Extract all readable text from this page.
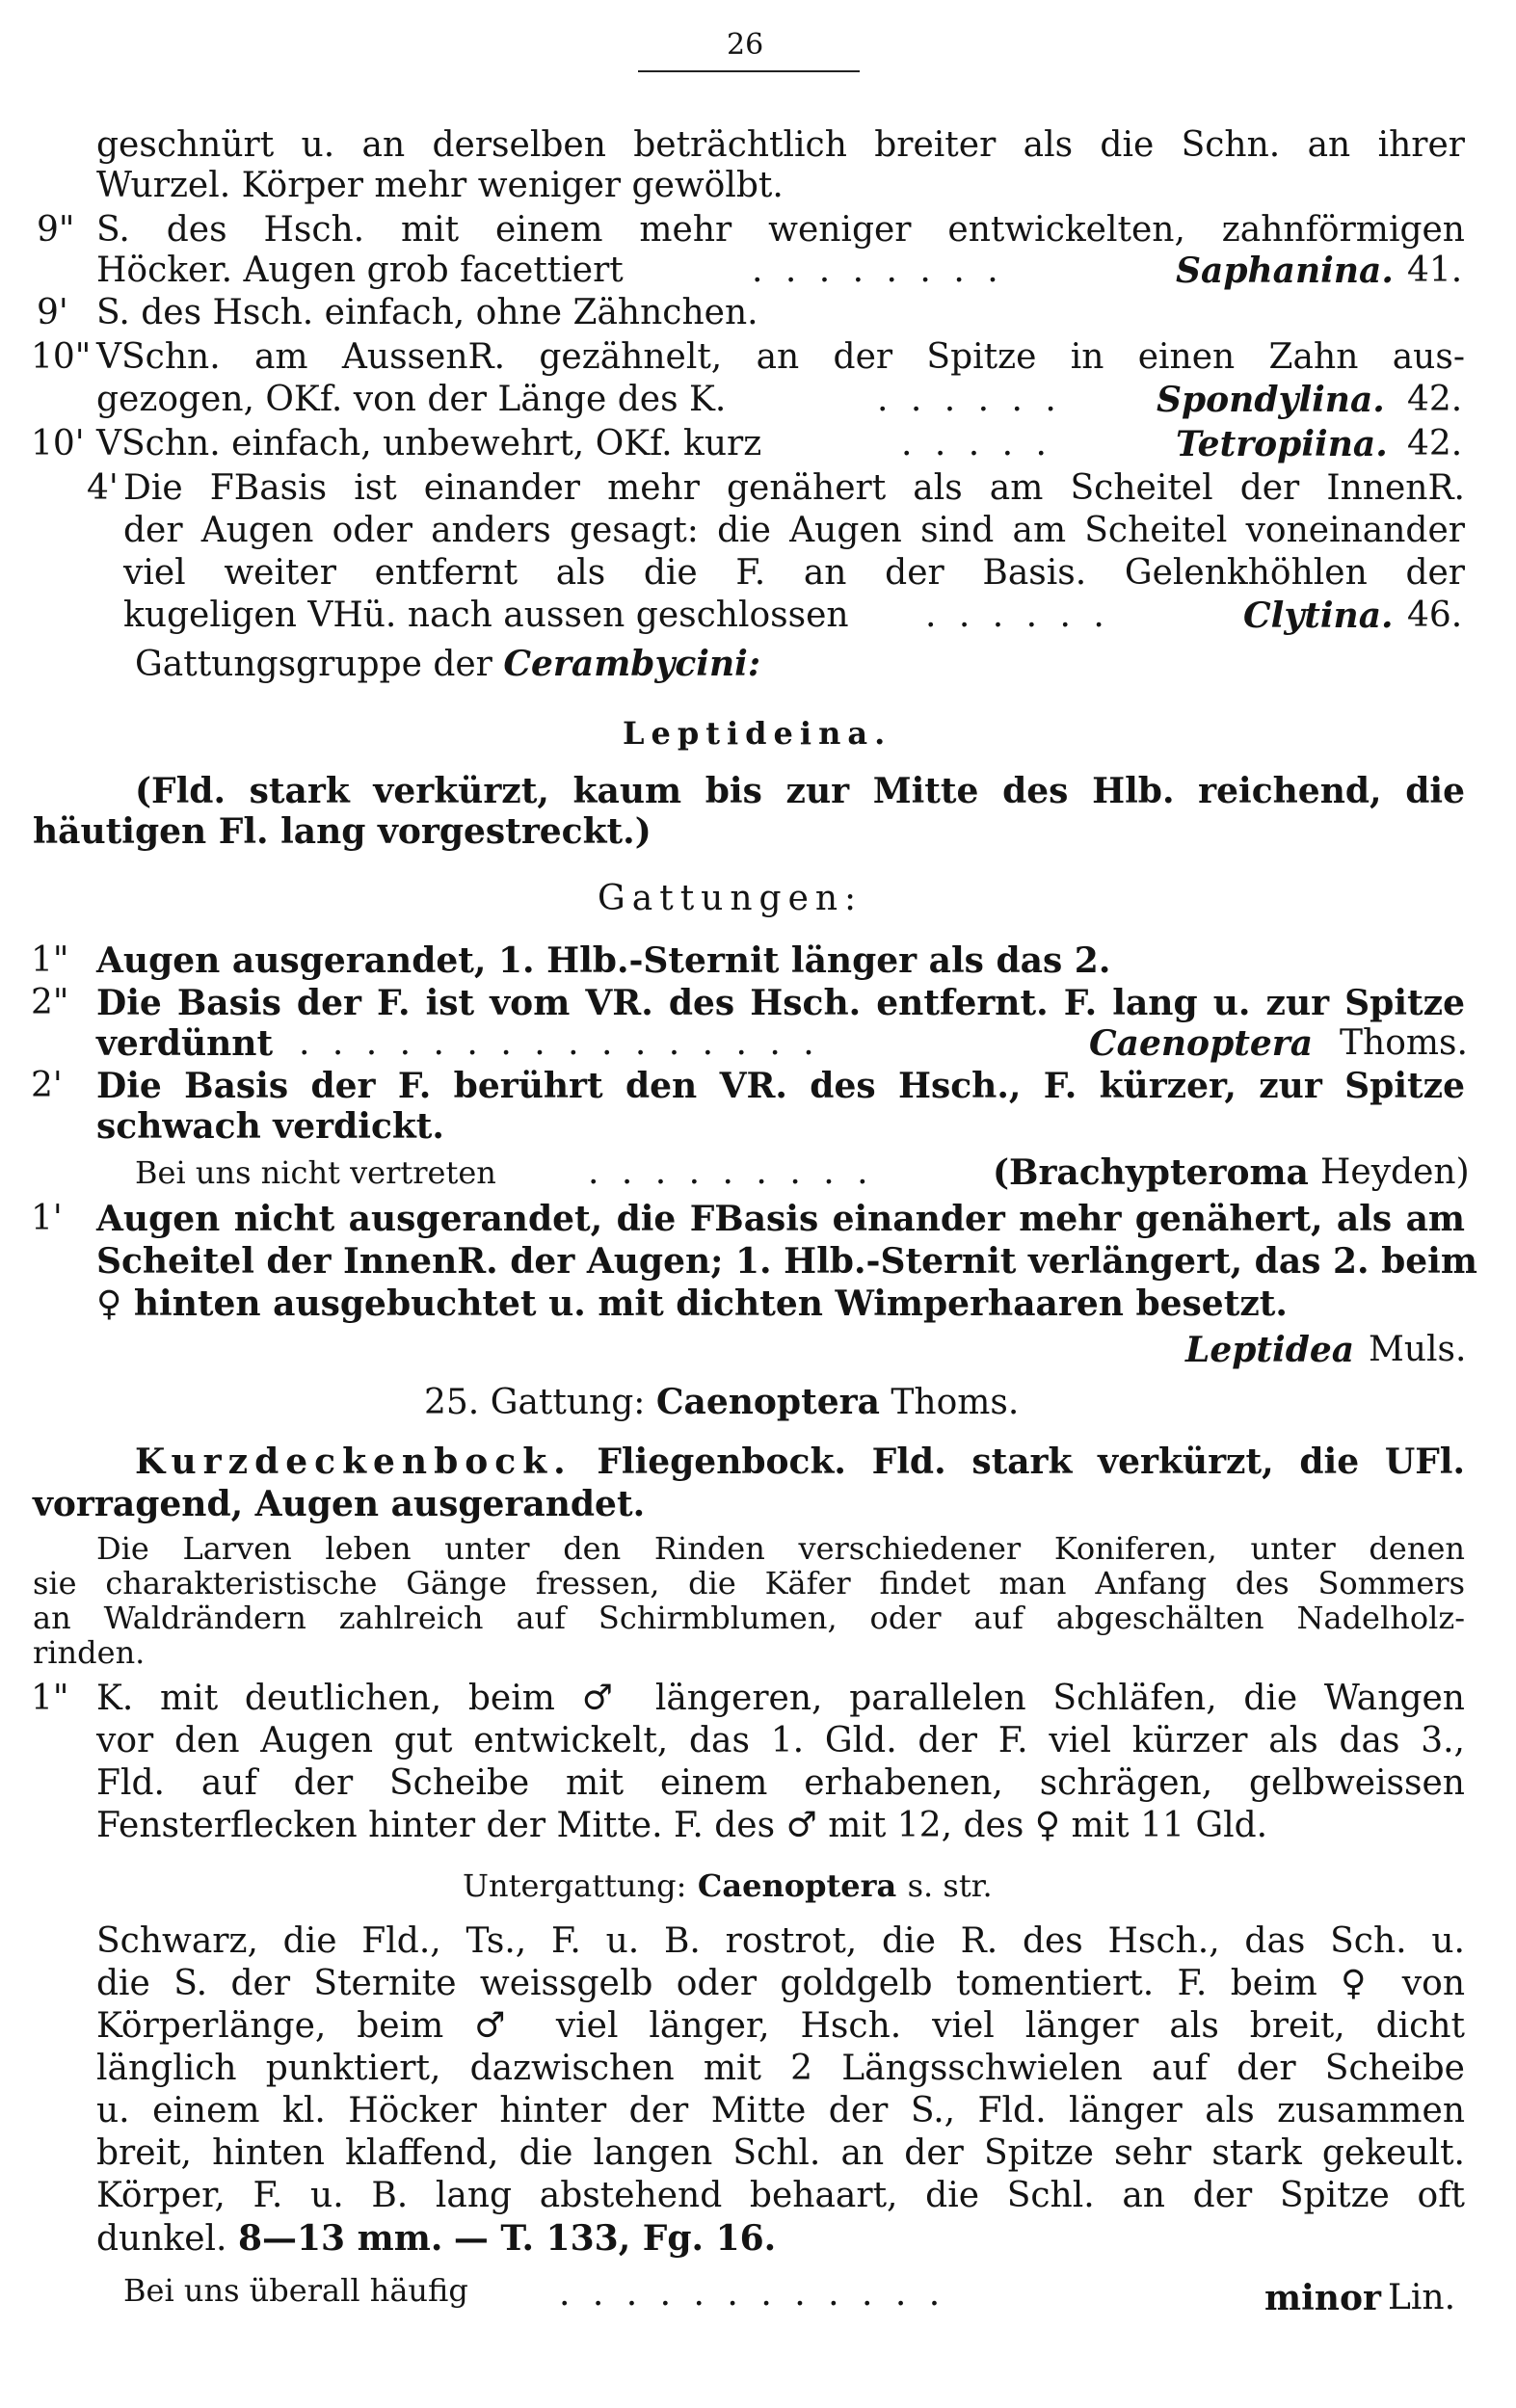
26
geschnürt u. an derselben beträchtlich breiter als die Schn. an ihrer
Wurzel. Körper mehr weniger gewölbt.
9" S. des Hsch. mit einem mehr weniger entwickelten, zahnförmigen
Höcker. Augen grob facettiert	. . . . . . . .	Saphanina. 41.
9' S. des Hsch. einfach, ohne Zähnchen.
10" VSchn. am AussenR. gezähnelt, an der Spitze in einen Zahn aus-
gezogen, OKf. von der Länge des K.	. . . . . .	Spondylina. 42.
10' VSchn. einfach, unbewehrt, OKf. kurz	. . . . .	Tetropiina. 42.
4' Die FBasis ist einander mehr genähert als am Scheitel der InnenR.
der Augen oder anders gesagt: die Augen sind am Scheitel voneinander
viel weiter entfernt als die F. an der Basis. Gelenkhöhlen der
kugeligen VHü. nach aussen geschlossen . . . . . .	Clytina. 46.
Gattungsgruppe der Cerambycini:
Leptideina.
(Fld. stark verkürzt, kaum bis zur Mitte des Hlb. reichend, die
häutigen Fl. lang vorgestreckt.)
Gattungen:
1" Augen ausgerandet, 1. Hlb.-Sternit länger als das 2.
2" Die Basis der F. ist vom VR. des Hsch. entfernt. F. lang u. zur Spitze
verdünnt . . . . . . . . . . . . . . . .	Caenoptera Thoms.
2' Die Basis der F. berührt den VR. des Hsch., F. kürzer, zur Spitze
schwach verdickt.
Bei uns nicht vertreten	. . . . . . . . .	(Brachypteroma Heyden)
1' Augen nicht ausgerandet, die FBasis einander mehr genähert, als am
Scheitel der InnenR. der Augen; 1. Hlb.-Sternit verlängert, das 2. beim
♀ hinten ausgebuchtet u. mit dichten Wimperhaaren besetzt.
Leptidea Muls.
25. Gattung: Caenoptera Thoms.
Kurzdeckenbock. Fliegenbock. Fld. stark verkürzt, die UFl.
vorragend, Augen ausgerandet.
Die Larven leben unter den Rinden verschiedener Koniferen, unter denen
sie charakteristische Gänge fressen, die Käfer findet man Anfang des Sommers
an Waldrändern zahlreich auf Schirmblumen, oder auf abgeschälten Nadelholz-
rinden.
1" K. mit deutlichen, beim ♂ längeren, parallelen Schläfen, die Wangen
vor den Augen gut entwickelt, das 1. Gld. der F. viel kürzer als das 3.,
Fld. auf der Scheibe mit einem erhabenen, schrägen, gelbweissen
Fensterflecken hinter der Mitte. F. des ♂ mit 12, des ♀ mit 11 Gld.
Untergattung: Caenoptera s. str.
Schwarz, die Fld., Ts., F. u. B. rostrot, die R. des Hsch., das Sch. u.
die S. der Sternite weissgelb oder goldgelb tomentiert. F. beim ♀ von
Körperlänge, beim ♂ viel länger, Hsch. viel länger als breit, dicht
länglich punktiert, dazwischen mit 2 Längsschwielen auf der Scheibe
u. einem kl. Höcker hinter der Mitte der S., Fld. länger als zusammen
breit, hinten klaffend, die langen Schl. an der Spitze sehr stark gekeult.
Körper, F. u. B. lang abstehend behaart, die Schl. an der Spitze oft
dunkel. 8—13 mm. — T. 133, Fg. 16.
Bei uns überall häufig	. . . . . . . . . . . .	minor Lin.
